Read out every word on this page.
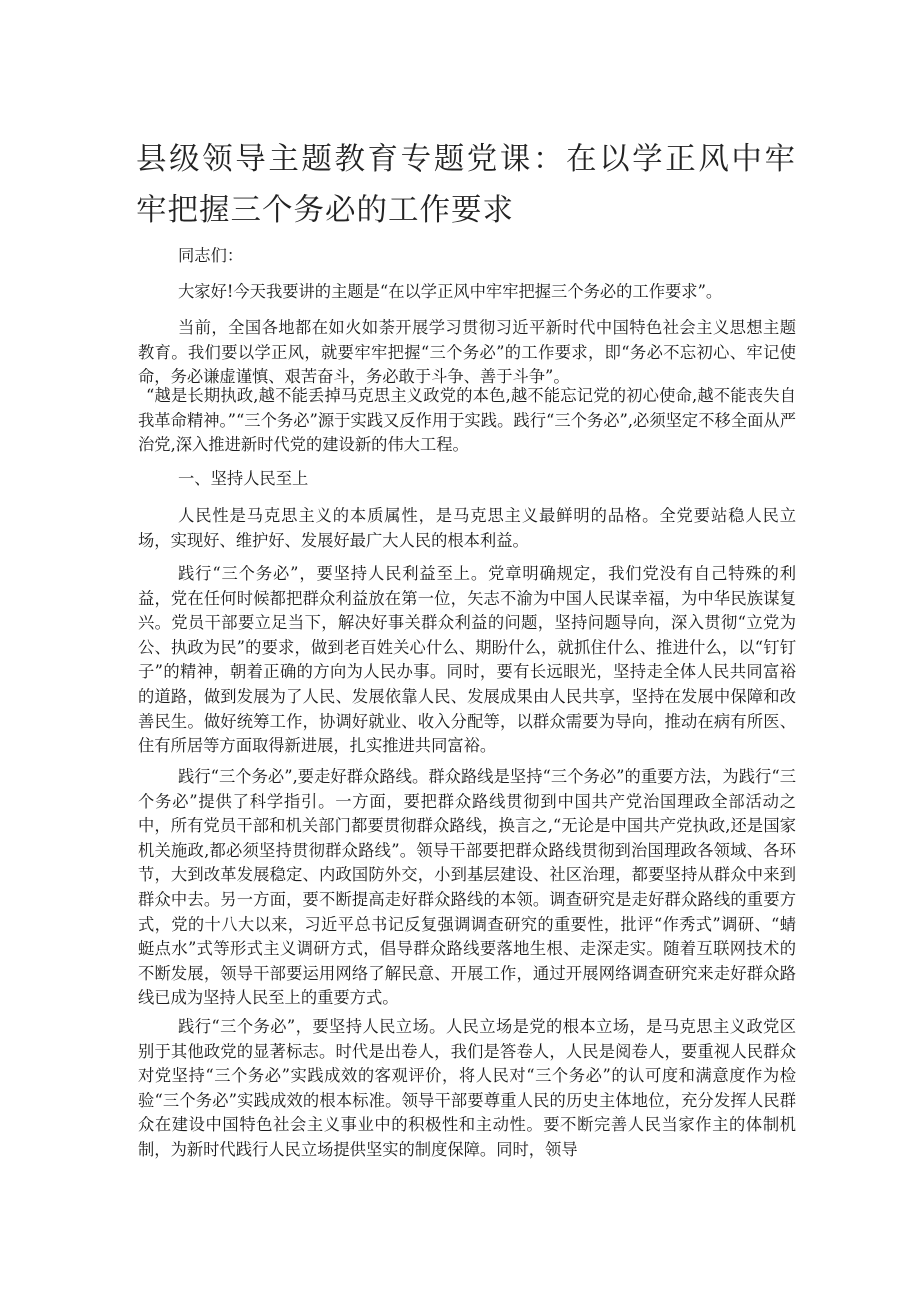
县级领导主题教育专题党课：在以学正风中牢牢把握三个务必的工作要求

同志们：

大家好!今天我要讲的主题是“在以学正风中牢牢把握三个务必的工作要求”。

当前，全国各地都在如火如荼开展学习贯彻习近平新时代中国特色社会主义思想主题教育。我们要以学正风，就要牢牢把握“三个务必”的工作要求，即“务必不忘初心、牢记使命，务必谦虚谨慎、艰苦奋斗，务必敢于斗争、善于斗争”。

“越是长期执政,越不能丢掉马克思主义政党的本色,越不能忘记党的初心使命,越不能丧失自我革命精神。”“三个务必”源于实践又反作用于实践。践行“三个务必”,必须坚定不移全面从严治党,深入推进新时代党的建设新的伟大工程。

一、坚持人民至上

人民性是马克思主义的本质属性，是马克思主义最鲜明的品格。全党要站稳人民立场，实现好、维护好、发展好最广大人民的根本利益。

践行“三个务必”，要坚持人民利益至上。党章明确规定，我们党没有自己特殊的利益，党在任何时候都把群众利益放在第一位，矢志不渝为中国人民谋幸福，为中华民族谋复兴。党员干部要立足当下，解决好事关群众利益的问题，坚持问题导向，深入贯彻“立党为公、执政为民”的要求，做到老百姓关心什么、期盼什么，就抓住什么、推进什么，以“钉钉子”的精神，朝着正确的方向为人民办事。同时，要有长远眼光，坚持走全体人民共同富裕的道路，做到发展为了人民、发展依靠人民、发展成果由人民共享，坚持在发展中保障和改善民生。做好统筹工作，协调好就业、收入分配等，以群众需要为导向，推动在病有所医、住有所居等方面取得新进展，扎实推进共同富裕。

践行“三个务必”,要走好群众路线。群众路线是坚持“三个务必”的重要方法，为践行“三个务必”提供了科学指引。一方面，要把群众路线贯彻到中国共产党治国理政全部活动之中，所有党员干部和机关部门都要贯彻群众路线，换言之,“无论是中国共产党执政,还是国家机关施政,都必须坚持贯彻群众路线”。领导干部要把群众路线贯彻到治国理政各领域、各环节，大到改革发展稳定、内政国防外交，小到基层建设、社区治理，都要坚持从群众中来到群众中去。另一方面，要不断提高走好群众路线的本领。调查研究是走好群众路线的重要方式，党的十八大以来，习近平总书记反复强调调查研究的重要性，批评“作秀式”调研、“蜻蜓点水”式等形式主义调研方式，倡导群众路线要落地生根、走深走实。随着互联网技术的不断发展，领导干部要运用网络了解民意、开展工作，通过开展网络调查研究来走好群众路线已成为坚持人民至上的重要方式。

践行“三个务必”，要坚持人民立场。人民立场是党的根本立场，是马克思主义政党区别于其他政党的显著标志。时代是出卷人，我们是答卷人，人民是阅卷人，要重视人民群众对党坚持“三个务必”实践成效的客观评价，将人民对“三个务必”的认可度和满意度作为检验“三个务必”实践成效的根本标准。领导干部要尊重人民的历史主体地位，充分发挥人民群众在建设中国特色社会主义事业中的积极性和主动性。要不断完善人民当家作主的体制机制，为新时代践行人民立场提供坚实的制度保障。同时，领导
